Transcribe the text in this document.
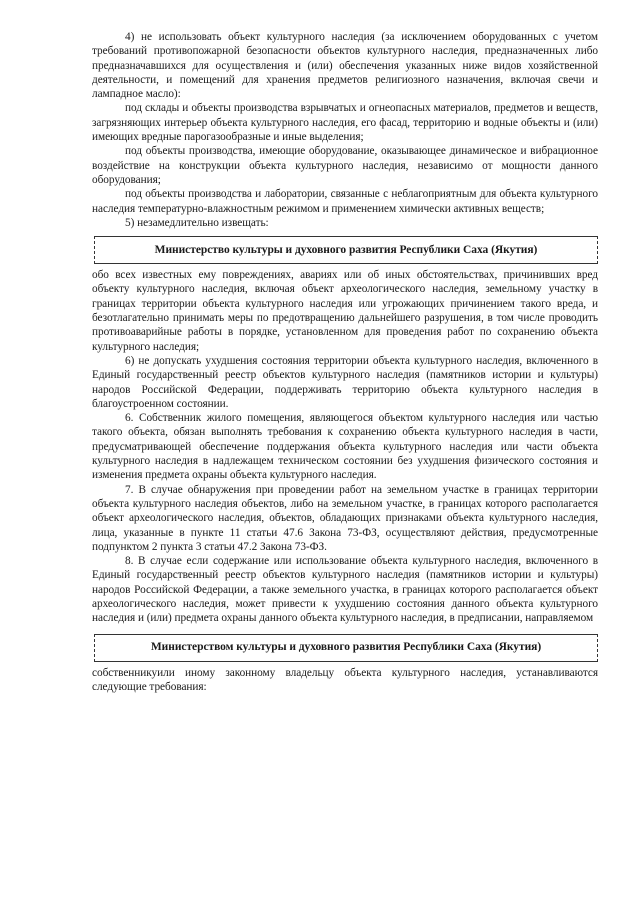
4) не использовать объект культурного наследия (за исключением оборудованных с учетом требований противопожарной безопасности объектов культурного наследия, предназначенных либо предназначавшихся для осуществления и (или) обеспечения указанных ниже видов хозяйственной деятельности, и помещений для хранения предметов религиозного назначения, включая свечи и лампадное масло):

под склады и объекты производства взрывчатых и огнеопасных материалов, предметов и веществ, загрязняющих интерьер объекта культурного наследия, его фасад, территорию и водные объекты и (или) имеющих вредные парогазообразные и иные выделения;

под объекты производства, имеющие оборудование, оказывающее динамическое и вибрационное воздействие на конструкции объекта культурного наследия, независимо от мощности данного оборудования;

под объекты производства и лаборатории, связанные с неблагоприятным для объекта культурного наследия температурно-влажностным режимом и применением химически активных веществ;

5) незамедлительно извещать:

Министерство культуры и духовного развития Республики Саха (Якутия)

обо всех известных ему повреждениях, авариях или об иных обстоятельствах, причинивших вред объекту культурного наследия, включая объект археологического наследия, земельному участку в границах территории объекта культурного наследия или угрожающих причинением такого вреда, и безотлагательно принимать меры по предотвращению дальнейшего разрушения, в том числе проводить противоаварийные работы в порядке, установленном для проведения работ по сохранению объекта культурного наследия;

6) не допускать ухудшения состояния территории объекта культурного наследия, включенного в Единый государственный реестр объектов культурного наследия (памятников истории и культуры) народов Российской Федерации, поддерживать территорию объекта культурного наследия в благоустроенном состоянии.

6. Собственник жилого помещения, являющегося объектом культурного наследия или частью такого объекта, обязан выполнять требования к сохранению объекта культурного наследия в части, предусматривающей обеспечение поддержания объекта культурного наследия или части объекта культурного наследия в надлежащем техническом состоянии без ухудшения физического состояния и изменения предмета охраны объекта культурного наследия.

7. В случае обнаружения при проведении работ на земельном участке в границах территории объекта культурного наследия объектов, либо на земельном участке, в границах которого располагается объект археологического наследия, объектов, обладающих признаками объекта культурного наследия, лица, указанные в пункте 11 статьи 47.6 Закона 73-ФЗ, осуществляют действия, предусмотренные подпунктом 2 пункта 3 статьи 47.2 Закона 73-ФЗ.

8. В случае если содержание или использование объекта культурного наследия, включенного в Единый государственный реестр объектов культурного наследия (памятников истории и культуры) народов Российской Федерации, а также земельного участка, в границах которого располагается объект археологического наследия, может привести к ухудшению состояния данного объекта культурного наследия и (или) предмета охраны данного объекта культурного наследия, в предписании, направляемом

Министерством культуры и духовного развития Республики Саха (Якутия)

собственникуили иному законному владельцу объекта культурного наследия, устанавливаются следующие требования:
